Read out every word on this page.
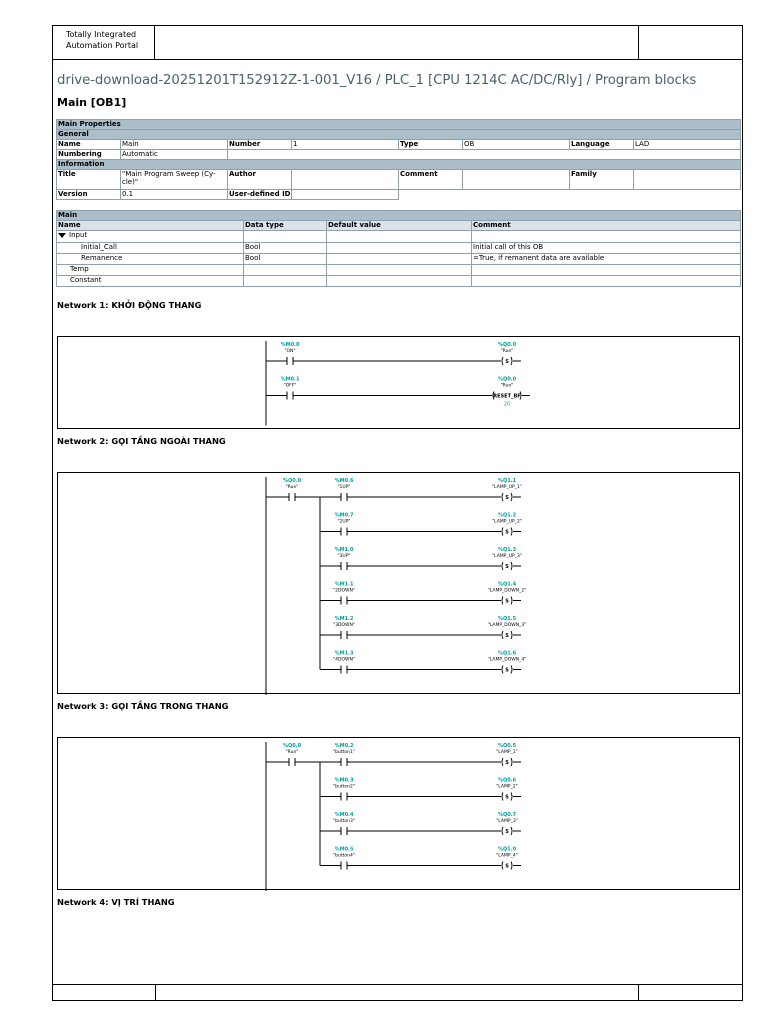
Totally Integrated
Automation Portal
drive-download-20251201T152912Z-1-001_V16 / PLC_1 [CPU 1214C AC/DC/Rly] / Program blocks
Main [OB1]
Main Properties							
General							
Name	Main	Number	1	Type	OB	Language	LAD
Numbering	Automatic						
Information							
Title	"Main Program Sweep (Cy-cle)"	Author		Comment		Family	
Version	0.1	User-defined ID					
Main			
Name	Data type	Default value	Comment
Input			
Initial_Call	Bool		Initial call of this OB
Remanence	Bool		=True, if remanent data are available
Temp			
Constant			
Network 1: KHỞI ĐỘNG THANG
%M0.0
"ON"
%Q0.0
"Run"
S
%M0.1
"OFF"
%Q0.0
"Run"
RESET_BF
20
Network 2: GỌI TẦNG NGOÀI THANG
%Q0.0
"Run"
%M0.6
"1UP"
%Q1.1
"LAMP_UP_1"
S
%M0.7
"2UP"
%Q1.2
"LAMP_UP_2"
S
%M1.0
"3UP"
%Q1.3
"LAMP_UP_3"
S
%M1.1
"2DOWN"
%Q1.4
"LAMP_DOWN_2"
S
%M1.2
"3DOWN"
%Q1.5
"LAMP_DOWN_3"
S
%M1.3
"4DOWN"
%Q1.6
"LAMP_DOWN_4"
S
Network 3: GỌI TẦNG TRONG THANG
%Q0.0
"Run"
%M0.2
"button1"
%Q0.5
"LAMP_1"
S
%M0.3
"button2"
%Q0.6
"LAMP_2"
S
%M0.4
"button3"
%Q0.7
"LAMP_3"
S
%M0.5
"button4"
%Q1.0
"LAMP_4"
S
Network 4: VỊ TRÍ THANG
